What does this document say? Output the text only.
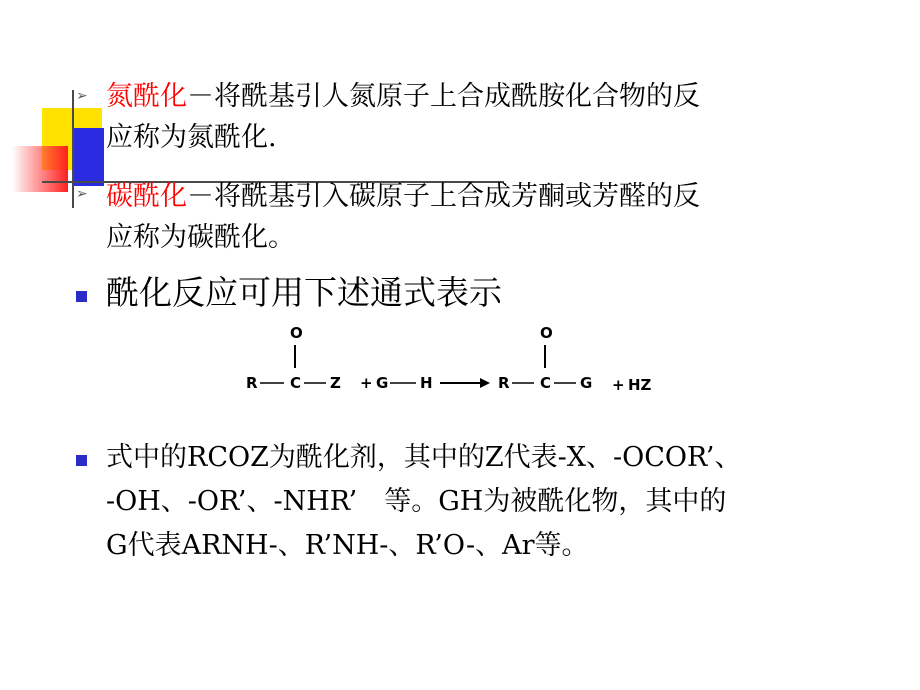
➢ 氮酰化－将酰基引人氮原子上合成酰胺化合物的反
应称为氮酰化.
➢ 碳酰化－将酰基引入碳原子上合成芳酮或芳醛的反
应称为碳酰化。
酰化反应可用下述通式表示
O
R C Z + G H
O
R C G + HZ
式中的RCOZ为酰化剂，其中的Z代表-X、-OCOR’、
-OH、-OR’、-NHR’　等。GH为被酰化物，其中的
G代表ARNH-、R’NH-、R’O-、Ar等。
